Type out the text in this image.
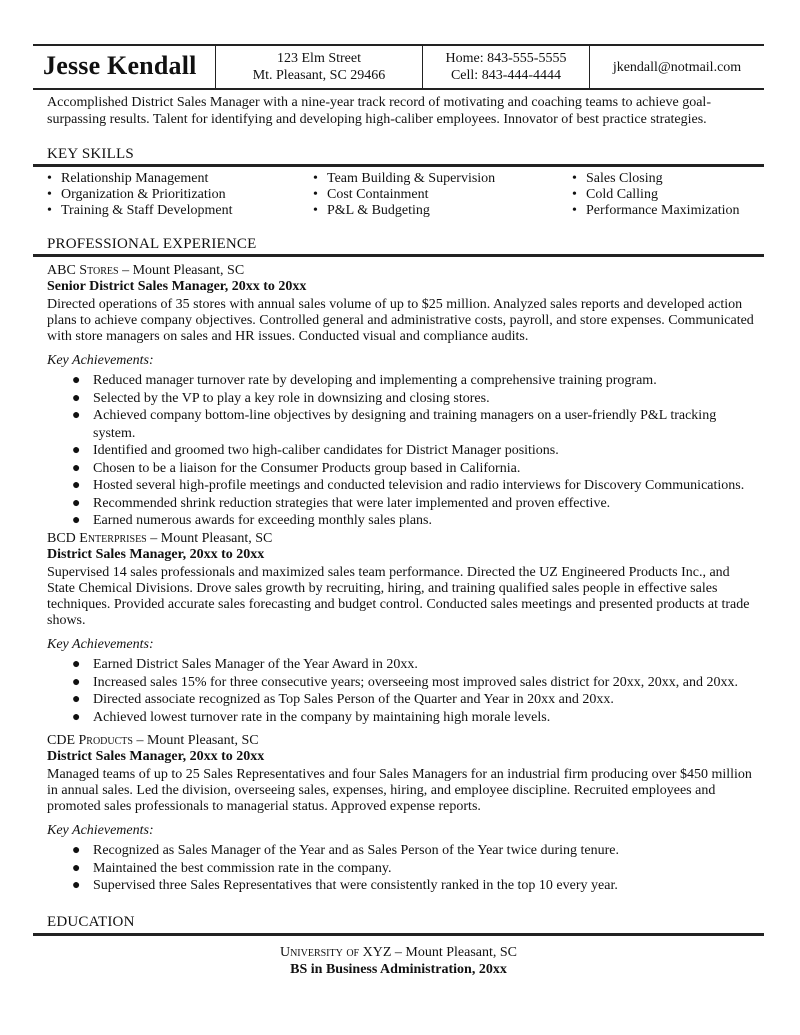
Jesse Kendall	123 Elm Street
Mt. Pleasant, SC 29466
Home: 843-555-5555
Cell: 843-444-4444
jkendall@notmail.com
Accomplished District Sales Manager with a nine-year track record of motivating and coaching teams to achieve goal-surpassing results. Talent for identifying and developing high-caliber employees. Innovator of best practice strategies.
KEY SKILLS
• Relationship Management
• Organization & Prioritization
• Training & Staff Development
• Team Building & Supervision
• Cost Containment
• P&L & Budgeting
• Sales Closing
• Cold Calling
• Performance Maximization
PROFESSIONAL EXPERIENCE
ABC Stores – Mount Pleasant, SC
Senior District Sales Manager, 20xx to 20xx
Directed operations of 35 stores with annual sales volume of up to $25 million. Analyzed sales reports and developed action plans to achieve company objectives. Controlled general and administrative costs, payroll, and store expenses. Communicated with store managers on sales and HR issues. Conducted visual and compliance audits.
Key Achievements:
● Reduced manager turnover rate by developing and implementing a comprehensive training program.
● Selected by the VP to play a key role in downsizing and closing stores.
● Achieved company bottom-line objectives by designing and training managers on a user-friendly P&L tracking system.
● Identified and groomed two high-caliber candidates for District Manager positions.
● Chosen to be a liaison for the Consumer Products group based in California.
● Hosted several high-profile meetings and conducted television and radio interviews for Discovery Communications.
● Recommended shrink reduction strategies that were later implemented and proven effective.
● Earned numerous awards for exceeding monthly sales plans.
BCD Enterprises – Mount Pleasant, SC
District Sales Manager, 20xx to 20xx
Supervised 14 sales professionals and maximized sales team performance. Directed the UZ Engineered Products Inc., and State Chemical Divisions. Drove sales growth by recruiting, hiring, and training qualified sales people in effective sales techniques. Provided accurate sales forecasting and budget control. Conducted sales meetings and presented products at trade shows.
Key Achievements:
● Earned District Sales Manager of the Year Award in 20xx.
● Increased sales 15% for three consecutive years; overseeing most improved sales district for 20xx, 20xx, and 20xx.
● Directed associate recognized as Top Sales Person of the Quarter and Year in 20xx and 20xx.
● Achieved lowest turnover rate in the company by maintaining high morale levels.
CDE Products – Mount Pleasant, SC
District Sales Manager, 20xx to 20xx
Managed teams of up to 25 Sales Representatives and four Sales Managers for an industrial firm producing over $450 million in annual sales. Led the division, overseeing sales, expenses, hiring, and employee discipline. Recruited employees and promoted sales professionals to managerial status. Approved expense reports.
Key Achievements:
● Recognized as Sales Manager of the Year and as Sales Person of the Year twice during tenure.
● Maintained the best commission rate in the company.
● Supervised three Sales Representatives that were consistently ranked in the top 10 every year.
EDUCATION
University of XYZ – Mount Pleasant, SC
BS in Business Administration, 20xx
